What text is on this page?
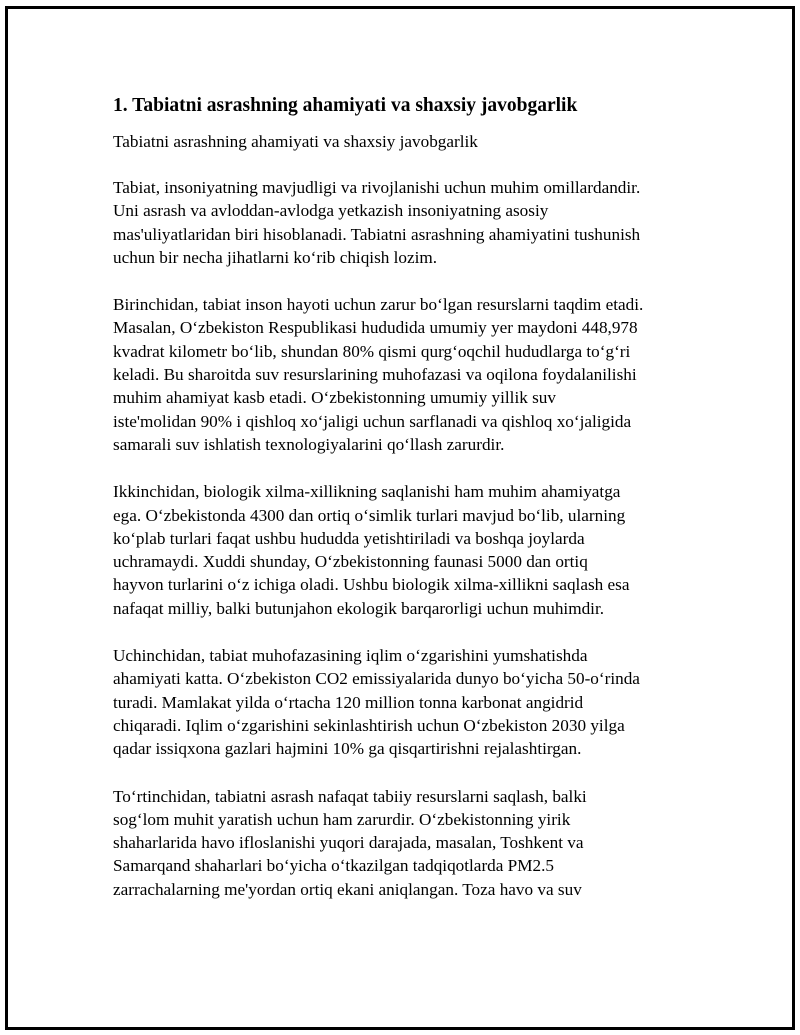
1. Tabiatni asrashning ahamiyati va shaxsiy javobgarlik
Tabiatni asrashning ahamiyati va shaxsiy javobgarlik
Tabiat, insoniyatning mavjudligi va rivojlanishi uchun muhim omillardandir.
Uni asrash va avloddan-avlodga yetkazish insoniyatning asosiy
mas'uliyatlaridan biri hisoblanadi. Tabiatni asrashning ahamiyatini tushunish
uchun bir necha jihatlarni koʻrib chiqish lozim.
Birinchidan, tabiat inson hayoti uchun zarur boʻlgan resurslarni taqdim etadi.
Masalan, Oʻzbekiston Respublikasi hududida umumiy yer maydoni 448,978
kvadrat kilometr boʻlib, shundan 80% qismi qurgʻoqchil hududlarga toʻgʻri
keladi. Bu sharoitda suv resurslarining muhofazasi va oqilona foydalanilishi
muhim ahamiyat kasb etadi. Oʻzbekistonning umumiy yillik suv
iste'molidan 90% i qishloq xoʻjaligi uchun sarflanadi va qishloq xoʻjaligida
samarali suv ishlatish texnologiyalarini qoʻllash zarurdir.
Ikkinchidan, biologik xilma-xillikning saqlanishi ham muhim ahamiyatga
ega. Oʻzbekistonda 4300 dan ortiq oʻsimlik turlari mavjud boʻlib, ularning
koʻplab turlari faqat ushbu hududda yetishtiriladi va boshqa joylarda
uchramaydi. Xuddi shunday, Oʻzbekistonning faunasi 5000 dan ortiq
hayvon turlarini oʻz ichiga oladi. Ushbu biologik xilma-xillikni saqlash esa
nafaqat milliy, balki butunjahon ekologik barqarorligi uchun muhimdir.
Uchinchidan, tabiat muhofazasining iqlim oʻzgarishini yumshatishda
ahamiyati katta. Oʻzbekiston CO2 emissiyalarida dunyo boʻyicha 50-oʻrinda
turadi. Mamlakat yilda oʻrtacha 120 million tonna karbonat angidrid
chiqaradi. Iqlim oʻzgarishini sekinlashtirish uchun Oʻzbekiston 2030 yilga
qadar issiqxona gazlari hajmini 10% ga qisqartirishni rejalashtirgan.
Toʻrtinchidan, tabiatni asrash nafaqat tabiiy resurslarni saqlash, balki
sogʻlom muhit yaratish uchun ham zarurdir. Oʻzbekistonning yirik
shaharlarida havo ifloslanishi yuqori darajada, masalan, Toshkent va
Samarqand shaharlari boʻyicha oʻtkazilgan tadqiqotlarda PM2.5
zarrachalarning me'yordan ortiq ekani aniqlangan. Toza havo va suv
